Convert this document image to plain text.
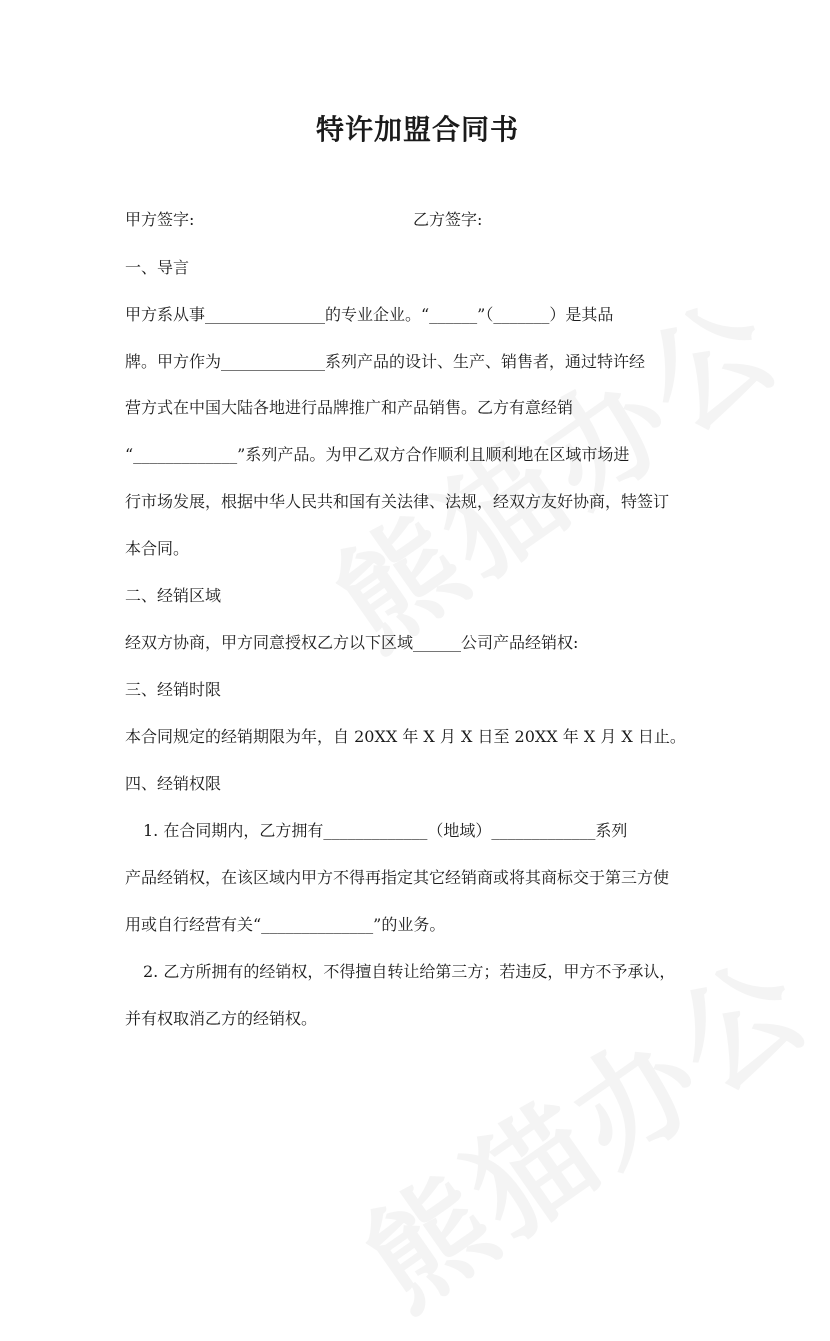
特许加盟合同书
甲方签字:	乙方签字:
一、导言
甲方系从事_______________的专业企业。“______”（_______）是其品
牌。甲方作为_____________系列产品的设计、生产、销售者，通过特许经
营方式在中国大陆各地进行品牌推广和产品销售。乙方有意经销
“_____________”系列产品。为甲乙双方合作顺利且顺利地在区域市场进
行市场发展，根据中华人民共和国有关法律、法规，经双方友好协商，特签订
本合同。
二、经销区域
经双方协商，甲方同意授权乙方以下区域______公司产品经销权:
三、经销时限
本合同规定的经销期限为年，自 20XX 年 X 月 X 日至 20XX 年 X 月 X 日止。
四、经销权限
1. 在合同期内，乙方拥有_____________（地域）_____________系列
产品经销权，在该区域内甲方不得再指定其它经销商或将其商标交于第三方使
用或自行经营有关“______________”的业务。
2. 乙方所拥有的经销权，不得擅自转让给第三方；若违反，甲方不予承认，
并有权取消乙方的经销权。
